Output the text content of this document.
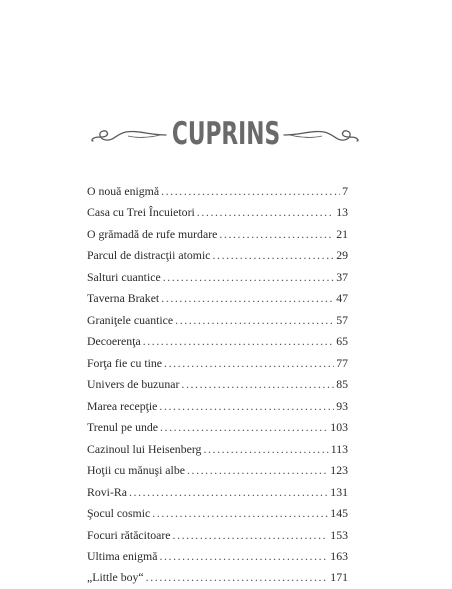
CUPRINS
O nouă enigmă .....	7
Casa cu Trei Încuietori .....	13
O grămadă de rufe murdare .....	21
Parcul de distracţii atomic .....	29
Salturi cuantice .....	37
Taverna Braket .....	47
Graniţele cuantice .....	57
Decoerenţa .....	65
Forţa fie cu tine .....	77
Univers de buzunar .....	85
Marea recepţie .....	93
Trenul pe unde .....	103
Cazinoul lui Heisenberg .....	113
Hoţii cu mănuşi albe .....	123
Rovi-Ra .....	131
Şocul cosmic .....	145
Focuri rătăcitoare .....	153
Ultima enigmă .....	163
„Little boy“ .....	171
